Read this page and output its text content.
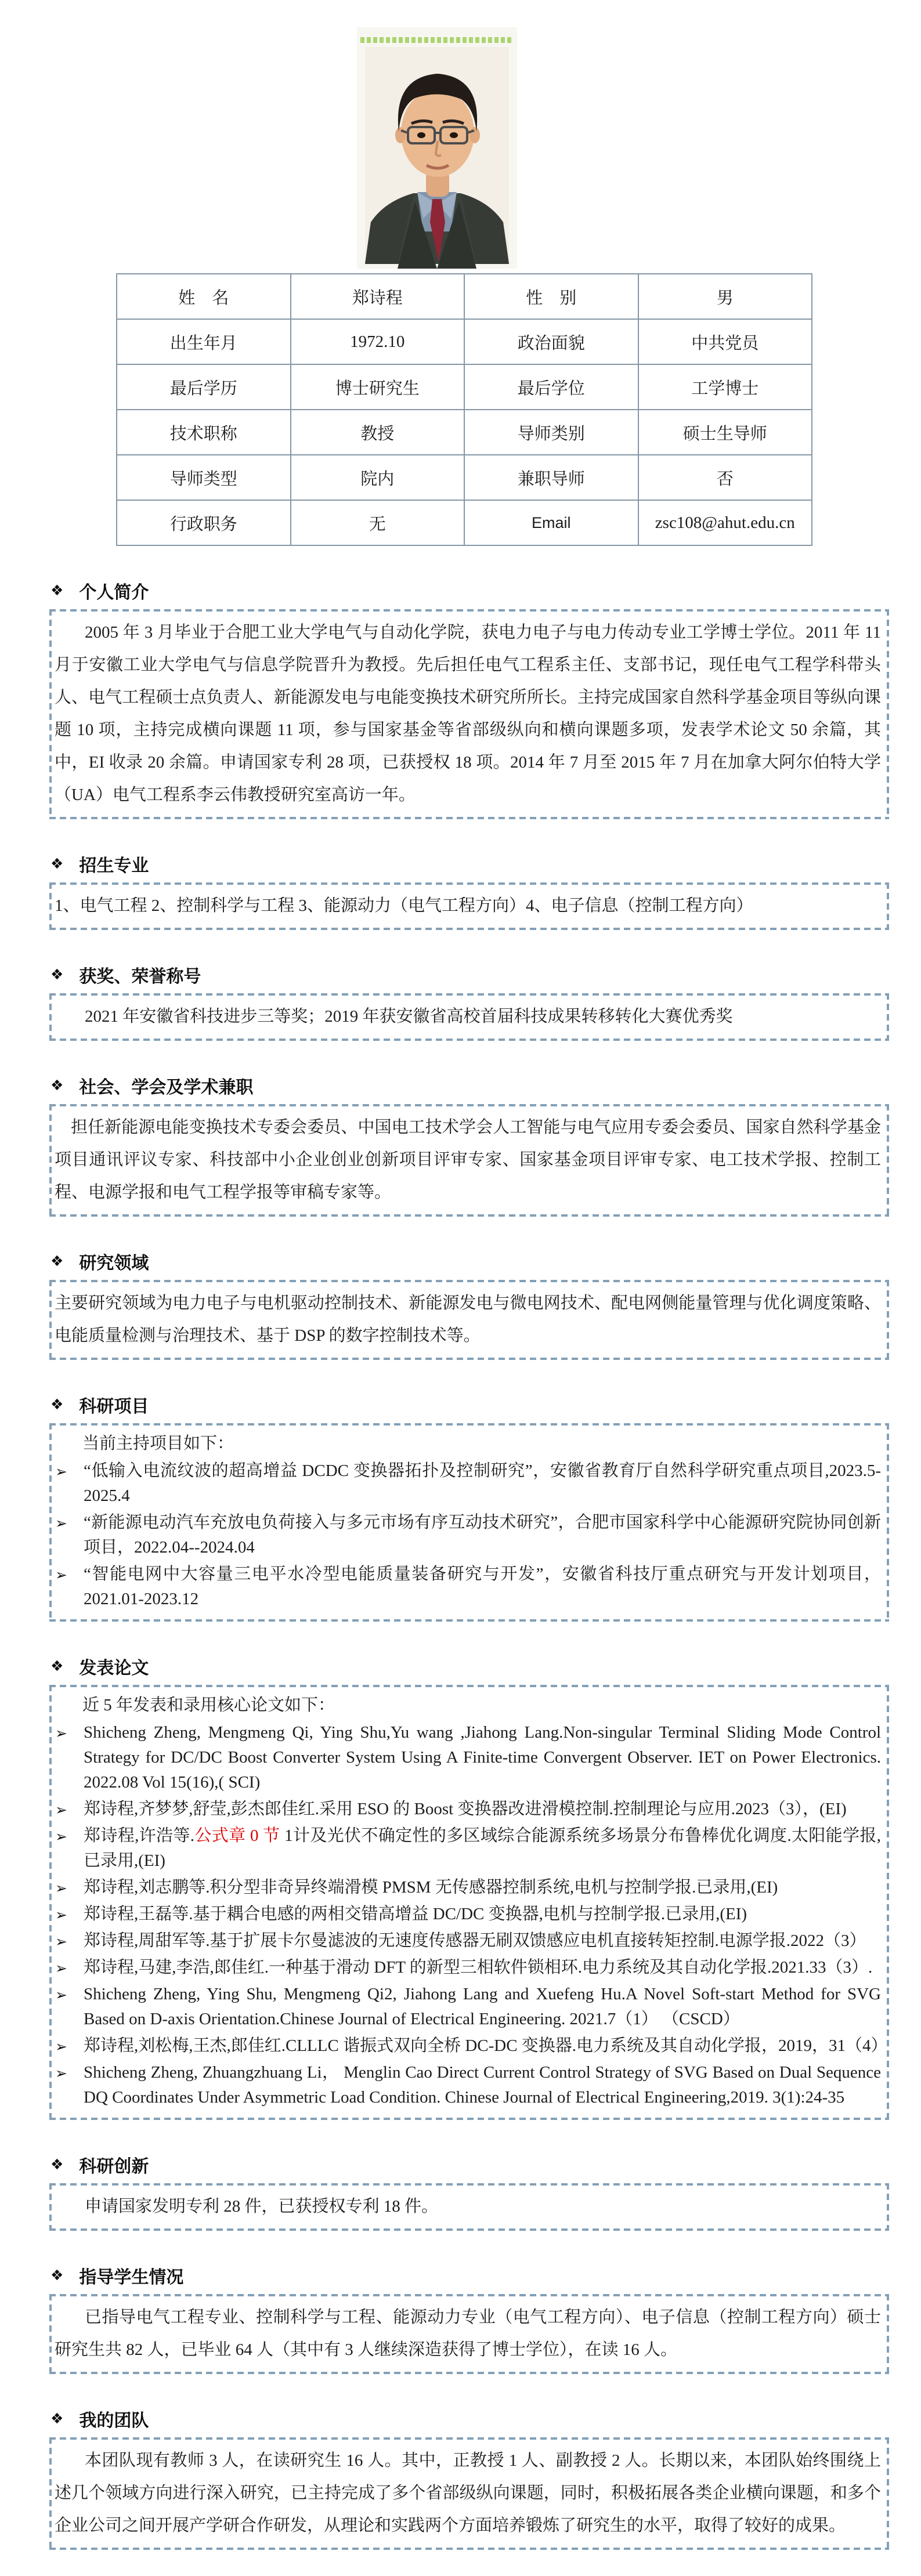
姓　名	郑诗程	性　别	男
出生年月	1972.10	政治面貌	中共党员
最后学历	博士研究生	最后学位	工学博士
技术职称	教授	导师类别	硕士生导师
导师类型	院内	兼职导师	否
行政职务	无	Email	zsc108@ahut.edu.cn
❖ 个人简介

2005 年 3 月毕业于合肥工业大学电气与自动化学院，获电力电子与电力传动专业工学博士学位。2011 年 11 月于安徽工业大学电气与信息学院晋升为教授。先后担任电气工程系主任、支部书记，现任电气工程学科带头人、电气工程硕士点负责人、新能源发电与电能变换技术研究所所长。主持完成国家自然科学基金项目等纵向课题 10 项，主持完成横向课题 11 项，参与国家基金等省部级纵向和横向课题多项，发表学术论文 50 余篇，其中，EI 收录 20 余篇。申请国家专利 28 项，已获授权 18 项。2014 年 7 月至 2015 年 7 月在加拿大阿尔伯特大学（UA）电气工程系李云伟教授研究室高访一年。

❖ 招生专业

1、电气工程 2、控制科学与工程 3、能源动力（电气工程方向）4、电子信息（控制工程方向）

❖ 获奖、荣誉称号

2021 年安徽省科技进步三等奖；2019 年获安徽省高校首届科技成果转移转化大赛优秀奖

❖ 社会、学会及学术兼职

担任新能源电能变换技术专委会委员、中国电工技术学会人工智能与电气应用专委会委员、国家自然科学基金项目通讯评议专家、科技部中小企业创业创新项目评审专家、国家基金项目评审专家、电工技术学报、控制工程、电源学报和电气工程学报等审稿专家等。

❖ 研究领域

主要研究领域为电力电子与电机驱动控制技术、新能源发电与微电网技术、配电网侧能量管理与优化调度策略、电能质量检测与治理技术、基于 DSP 的数字控制技术等。

❖ 科研项目

当前主持项目如下：

➢ “低输入电流纹波的超高增益 DCDC 变换器拓扑及控制研究”，安徽省教育厅自然科学研究重点项目,2023.5-2025.4
➢ “新能源电动汽车充放电负荷接入与多元市场有序互动技术研究”，合肥市国家科学中心能源研究院协同创新项目，2022.04--2024.04
➢ “智能电网中大容量三电平水冷型电能质量装备研究与开发”，安徽省科技厅重点研究与开发计划项目，2021.01-2023.12
❖ 发表论文

近 5 年发表和录用核心论文如下：

➢ Shicheng Zheng, Mengmeng Qi, Ying Shu,Yu wang ,Jiahong Lang.Non-singular Terminal Sliding Mode Control Strategy for DC/DC Boost Converter System Using A Finite-time Convergent Observer. IET on Power Electronics. 2022.08 Vol 15(16),( SCI)
➢ 郑诗程,齐梦梦,舒莹,彭杰郎佳红.采用 ESO 的 Boost 变换器改进滑模控制.控制理论与应用.2023（3），(EI)
➢ 郑诗程,许浩等.公式章 0 节 1计及光伏不确定性的多区域综合能源系统多场景分布鲁棒优化调度.太阳能学报,已录用,(EI)
➢ 郑诗程,刘志鹏等.积分型非奇异终端滑模 PMSM 无传感器控制系统,电机与控制学报.已录用,(EI)
➢ 郑诗程,王磊等.基于耦合电感的两相交错高增益 DC/DC 变换器,电机与控制学报.已录用,(EI)
➢ 郑诗程,周甜军等.基于扩展卡尔曼滤波的无速度传感器无刷双馈感应电机直接转矩控制.电源学报.2022（3）
➢ 郑诗程,马建,李浩,郎佳红.一种基于滑动 DFT 的新型三相软件锁相环.电力系统及其自动化学报.2021.33（3）.
➢ Shicheng Zheng, Ying Shu, Mengmeng Qi2, Jiahong Lang and Xuefeng Hu.A Novel Soft-start Method for SVG Based on D-axis Orientation.Chinese Journal of Electrical Engineering. 2021.7（1） （CSCD）
➢ 郑诗程,刘松梅,王杰,郎佳红.CLLLC 谐振式双向全桥 DC-DC 变换器.电力系统及其自动化学报，2019，31（4）
➢ Shicheng Zheng, Zhuangzhuang Li， Menglin Cao Direct Current Control Strategy of SVG Based on Dual Sequence DQ Coordinates Under Asymmetric Load Condition. Chinese Journal of Electrical Engineering,2019. 3(1):24-35
❖ 科研创新

申请国家发明专利 28 件，已获授权专利 18 件。

❖ 指导学生情况

已指导电气工程专业、控制科学与工程、能源动力专业（电气工程方向）、电子信息（控制工程方向）硕士研究生共 82 人，已毕业 64 人（其中有 3 人继续深造获得了博士学位），在读 16 人。

❖ 我的团队

本团队现有教师 3 人，在读研究生 16 人。其中，正教授 1 人、副教授 2 人。长期以来，本团队始终围绕上述几个领域方向进行深入研究，已主持完成了多个省部级纵向课题，同时，积极拓展各类企业横向课题，和多个企业公司之间开展产学研合作研发，从理论和实践两个方面培养锻炼了研究生的水平，取得了较好的成果。
